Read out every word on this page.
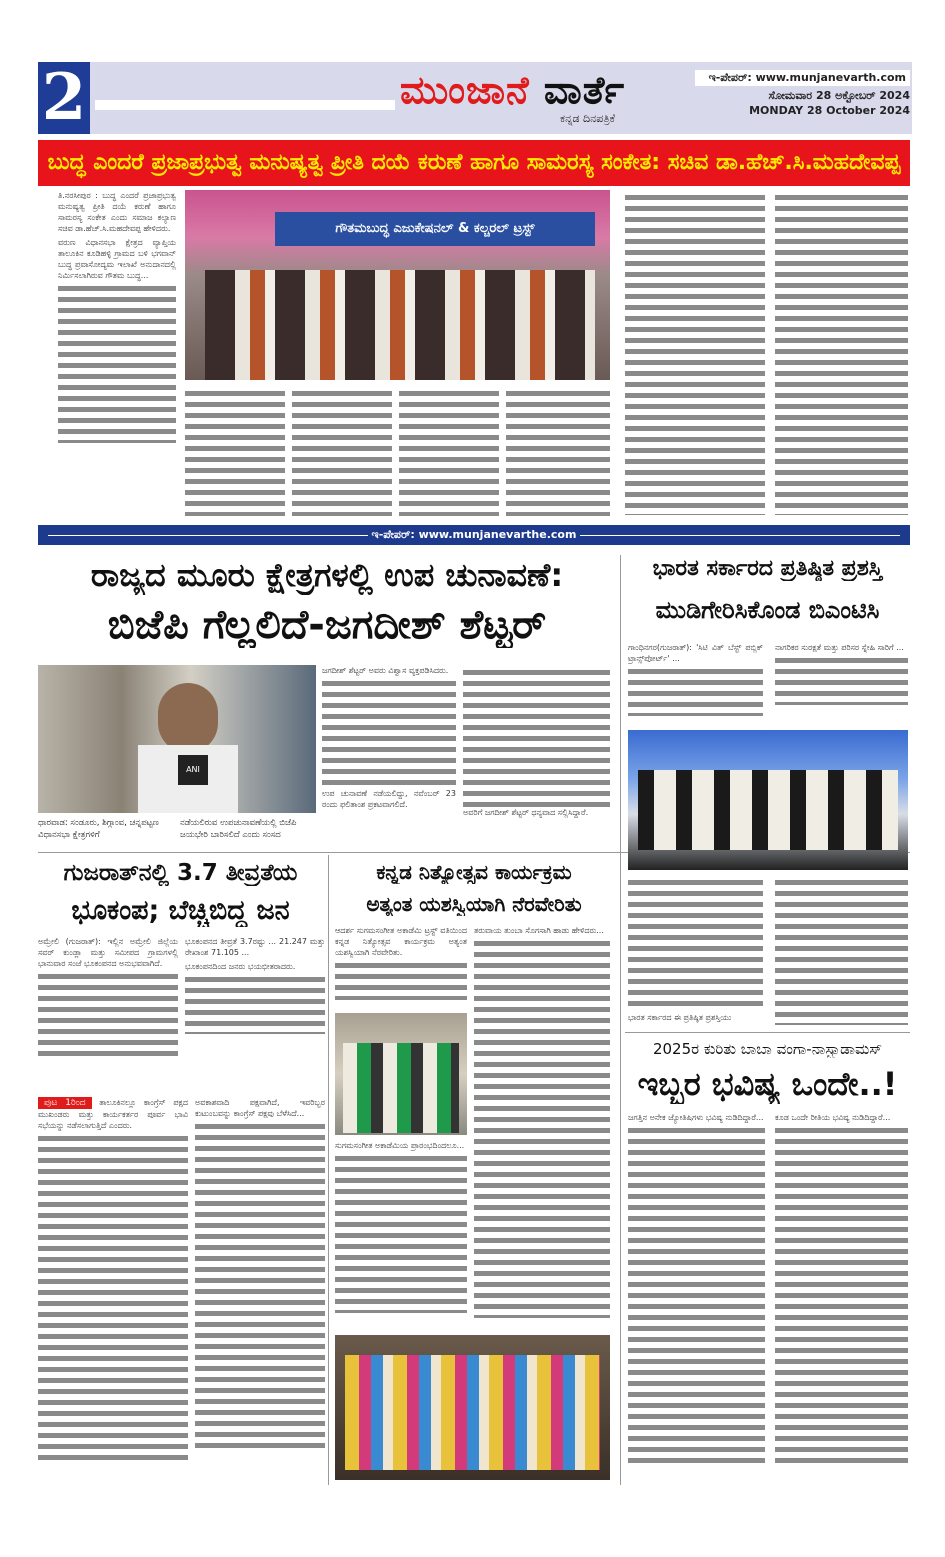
2	ಮುಂಜಾನೆ ವಾರ್ತೆ
ಕನ್ನಡ ದಿನಪತ್ರಿಕೆ
ಇ-ಪೇಪರ್: www.munjanevarth.com
ಸೋಮವಾರ 28 ಅಕ್ಟೋಬರ್ 2024
MONDAY 28 October 2024
ಬುದ್ಧ ಎಂದರೆ ಪ್ರಜಾಪ್ರಭುತ್ವ ಮನುಷ್ಯತ್ವ ಪ್ರೀತಿ ದಯೆ ಕರುಣೆ ಹಾಗೂ ಸಾಮರಸ್ಯ ಸಂಕೇತ: ಸಚಿವ ಡಾ.ಹೆಚ್.ಸಿ.ಮಹದೇವಪ್ಪ

ತಿ.ನರಸೀಪುರ : ಬುದ್ಧ ಎಂದರೆ ಪ್ರಜಾಪ್ರಭುತ್ವ ಮನುಷ್ಯತ್ವ ಪ್ರೀತಿ ದಯೆ ಕರುಣೆ ಹಾಗೂ ಸಾಮರಸ್ಯ ಸಂಕೇತ ಎಂದು ಸಮಾಜ ಕಲ್ಯಾಣ ಸಚಿವ ಡಾ.ಹೆಚ್.ಸಿ.ಮಹದೇವಪ್ಪ ಹೇಳಿದರು.

ವರುಣ ವಿಧಾನಸಭಾ ಕ್ಷೇತ್ರದ ವ್ಯಾಪ್ತಿಯ ತಾಲೂಕಿನ ಕೂಡಿಹಳ್ಳಿ ಗ್ರಾಮದ ಬಳಿ ಭಗವಾನ್ ಬುದ್ಧ ಪ್ರವಾಸೋದ್ಯಮ ಇಲಾಖೆ ಅನುದಾನದಲ್ಲಿ ನಿರ್ಮಿಸಲಾಗಿರುವ ಗೌತಮ ಬುದ್ಧ...

ಗೌತಮಬುದ್ಧ ಎಜುಕೇಷನಲ್ & ಕಲ್ಚರಲ್ ಟ್ರಸ್ಟ್
ಇ-ಪೇಪರ್: www.munjanevarthe.com
ರಾಜ್ಯದ ಮೂರು ಕ್ಷೇತ್ರಗಳಲ್ಲಿ ಉಪ ಚುನಾವಣೆ:
ಬಿಜೆಪಿ ಗೆಲ್ಲಲಿದೆ-ಜಗದೀಶ್ ಶೆಟ್ಟರ್
ANI
ಧಾರವಾಡ: ಸಂಡೂರು, ಶಿಗ್ಗಾಂವ, ಚನ್ನಪಟ್ಟಣ ವಿಧಾನಸಭಾ ಕ್ಷೇತ್ರಗಳಿಗೆ
ನಡೆಯಲಿರುವ ಉಪಚುನಾವಣೆಯಲ್ಲಿ ಬಿಜೆಪಿ ಜಯಭೇರಿ ಬಾರಿಸಲಿದೆ ಎಂದು ಸಂಸದ

ಜಗದೀಶ್ ಶೆಟ್ಟರ್ ಅವರು ವಿಶ್ವಾಸ ವ್ಯಕ್ತಪಡಿಸಿದರು.

ಉಪ ಚುನಾವಣೆ ನಡೆಯಲಿದ್ದು, ನವೆಂಬರ್ 23 ರಂದು ಫಲಿತಾಂಶ ಪ್ರಕಟವಾಗಲಿದೆ.

ಅವರಿಗೆ ಜಗದೀಶ್ ಶೆಟ್ಟರ್ ಧನ್ಯವಾದ ಸಲ್ಲಿಸಿದ್ದಾರೆ.

ಭಾರತ ಸರ್ಕಾರದ ಪ್ರತಿಷ್ಠಿತ ಪ್ರಶಸ್ತಿ
ಮುಡಿಗೇರಿಸಿಕೊಂಡ ಬಿಎಂಟಿಸಿ

ಗಾಂಧಿನಗರ(ಗುಜರಾತ್): 'ಸಿಟಿ ವಿತ್ ಬೆಸ್ಟ್ ಪಬ್ಲಿಕ್ ಟ್ರಾನ್ಸ್‌ಪೋರ್ಟ್' ...

ನಾಗರಿಕರ ಸುರಕ್ಷತೆ ಮತ್ತು ಪರಿಸರ ಸ್ನೇಹಿ ಸಾರಿಗೆ ...

ಭಾರತ ಸರ್ಕಾರದ ಈ ಪ್ರತಿಷ್ಠಿತ ಪ್ರಶಸ್ತಿಯು

ಗುಜರಾತ್‌ನಲ್ಲಿ 3.7 ತೀವ್ರತೆಯ
ಭೂಕಂಪ; ಬೆಚ್ಚಿಬಿದ್ದ ಜನ

ಅಮ್ರೇಲಿ (ಗುಜರಾತ್): ಇಲ್ಲಿನ ಅಮ್ರೇಲಿ ಜಿಲ್ಲೆಯ ಸವರ್ ಕುಂಡ್ಲಾ ಮತ್ತು ಸಮೀಪದ ಗ್ರಾಮಗಳಲ್ಲಿ ಭಾನುವಾರ ಸಂಜೆ ಭೂಕಂಪನದ ಅನುಭವವಾಗಿದೆ.

ಭೂಕಂಪನದ ತೀವ್ರತೆ 3.7ರಷ್ಟು ... 21.247 ಮತ್ತು ರೇಖಾಂಶ 71.105 ...

ಭೂಕಂಪನದಿಂದ ಜನರು ಭಯಭೀತರಾದರು.

ಪುಟ 1ರಿಂದ ತಾಲೂಕಿನಲ್ಲೂ ಕಾಂಗ್ರೆಸ್ ಪಕ್ಷದ ಮುಖಂಡರು ಮತ್ತು ಕಾರ್ಯಕರ್ತರ ಪೂರ್ವ ಭಾವಿ ಸಭೆಯನ್ನು ನಡೆಸಲಾಗುತ್ತಿದೆ ಎಂದರು.

ಅವಕಾಶವಾದಿ ಪಕ್ಷವಾಗಿದೆ, ಇವರಿಬ್ಬರ ಕುಟುಂಬವನ್ನು ಕಾಂಗ್ರೆಸ್ ಪಕ್ಷವು ಬೆಳೆಸಿದೆ...

ಕನ್ನಡ ನಿತ್ಯೋತ್ಸವ ಕಾರ್ಯಕ್ರಮ
ಅತ್ಯಂತ ಯಶಸ್ವಿಯಾಗಿ ನೆರವೇರಿತು

ಆದರ್ಶ ಸುಗಮಸಂಗೀತ ಅಕಾಡೆಮಿ ಟ್ರಸ್ಟ್ ವತಿಯಿಂದ ಕನ್ನಡ ನಿತ್ಯೋತ್ಸವ ಕಾರ್ಯಕ್ರಮ ಅತ್ಯಂತ ಯಶಸ್ವಿಯಾಗಿ ನೆರವೇರಿತು.

ಸುಗಮಸಂಗೀತ ಅಕಾಡೆಮಿಯ ಪ್ರಾರಂಭದಿಂದಲೂ...

ತರುವಾಯ ತುಂಬಾ ಸೊಗಸಾಗಿ ಹಾಡು ಹೇಳಿದರು...

2025ರ ಕುರಿತು ಬಾಬಾ ವಂಗಾ-ನಾಸ್ಟ್ರಾಡಾಮಸ್
ಇಬ್ಬರ ಭವಿಷ್ಯ ಒಂದೇ..!

ಜಗತ್ತಿನ ಅನೇಕ ಜ್ಯೋತಿಷಿಗಳು ಭವಿಷ್ಯ ನುಡಿದಿದ್ದಾರೆ... ಕೂಡ ಒಂದೇ ರೀತಿಯ ಭವಿಷ್ಯ ನುಡಿದಿದ್ದಾರೆ...
